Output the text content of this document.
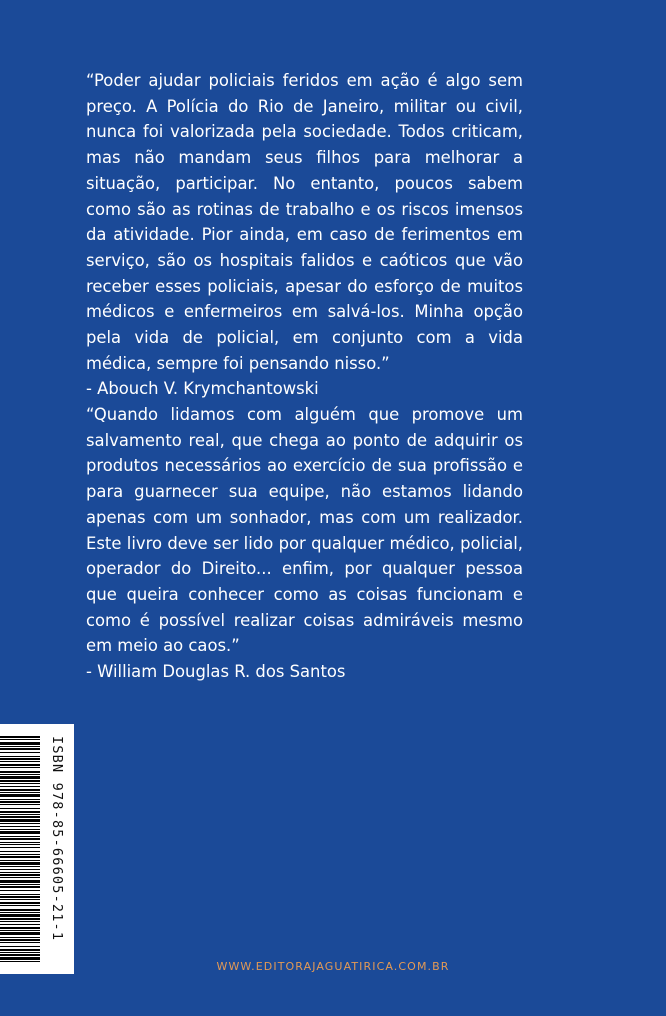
“Poder ajudar policiais feridos em ação é algo sem preço. A Polícia do Rio de Janeiro, militar ou civil, nunca foi valorizada pela sociedade. Todos criticam, mas não mandam seus filhos para melhorar a situação, participar. No entanto, poucos sabem como são as rotinas de trabalho e os riscos imensos da atividade. Pior ainda, em caso de ferimentos em serviço, são os hospitais falidos e caóticos que vão receber esses policiais, apesar do esforço de muitos médicos e enfermeiros em salvá-los. Minha opção pela vida de policial, em conjunto com a vida médica, sempre foi pensando nisso.”

- Abouch V. Krymchantowski

“Quando lidamos com alguém que promove um salvamento real, que chega ao ponto de adquirir os produtos necessários ao exercício de sua profissão e para guarnecer sua equipe, não estamos lidando apenas com um sonhador, mas com um realizador. Este livro deve ser lido por qualquer médico, policial, operador do Direito... enfim, por qualquer pessoa que queira conhecer como as coisas funcionam e como é possível realizar coisas admiráveis mesmo em meio ao caos.”

- William Douglas R. dos Santos

ISBN 978-85-66605-21-1
WWW.EDITORAJAGUATIRICA.COM.BR
